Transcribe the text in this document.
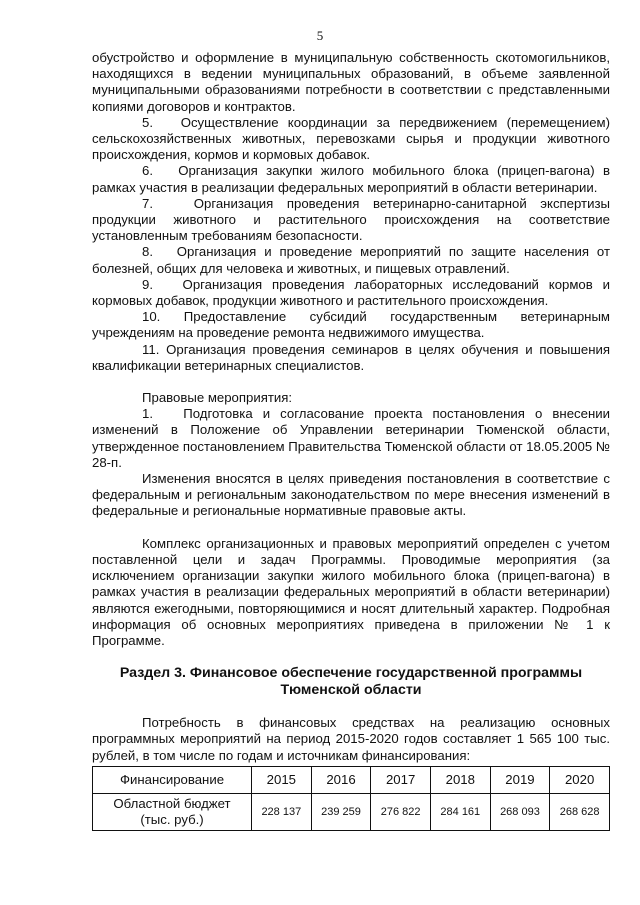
5

обустройство и оформление в муниципальную собственность скотомогильников, находящихся в ведении муниципальных образований, в объеме заявленной муниципальными образованиями потребности в соответствии с представленными копиями договоров и контрактов.

5.   Осуществление координации за передвижением (перемещением) сельскохозяйственных животных, перевозками сырья и продукции животного происхождения, кормов и кормовых добавок.

6.   Организация закупки жилого мобильного блока (прицеп-вагона) в рамках участия в реализации федеральных мероприятий в области ветеринарии.

7.   Организация проведения ветеринарно-санитарной экспертизы продукции животного и растительного происхождения на соответствие установленным требованиям безопасности.

8.   Организация и проведение мероприятий по защите населения от болезней, общих для человека и животных, и пищевых отравлений.

9.   Организация проведения лабораторных исследований кормов и кормовых добавок, продукции животного и растительного происхождения.

10. Предоставление субсидий государственным ветеринарным учреждениям на проведение ремонта недвижимого имущества.

11. Организация проведения семинаров в целях обучения и повышения квалификации ветеринарных специалистов.

Правовые мероприятия:

1.   Подготовка и согласование проекта постановления о внесении изменений в Положение об Управлении ветеринарии Тюменской области, утвержденное постановлением Правительства Тюменской области от 18.05.2005 № 28-п.

Изменения вносятся в целях приведения постановления в соответствие с федеральным и региональным законодательством по мере внесения изменений в федеральные и региональные нормативные правовые акты.

Комплекс организационных и правовых мероприятий определен с учетом поставленной цели и задач Программы. Проводимые мероприятия (за исключением организации закупки жилого мобильного блока (прицеп-вагона) в рамках участия в реализации федеральных мероприятий в области ветеринарии) являются ежегодными, повторяющимися и носят длительный характер. Подробная информация об основных мероприятиях приведена в приложении № 1 к Программе.

Раздел 3. Финансовое обеспечение государственной программы
Тюменской области

Потребность в финансовых средствах на реализацию основных программных мероприятий на период 2015-2020 годов составляет 1 565 100 тыс. рублей, в том числе по годам и источникам финансирования:

Финансирование	2015	2016	2017	2018	2019	2020

Областной бюджет
(тыс. руб.)	228 137	239 259	276 822	284 161	268 093	268 628
